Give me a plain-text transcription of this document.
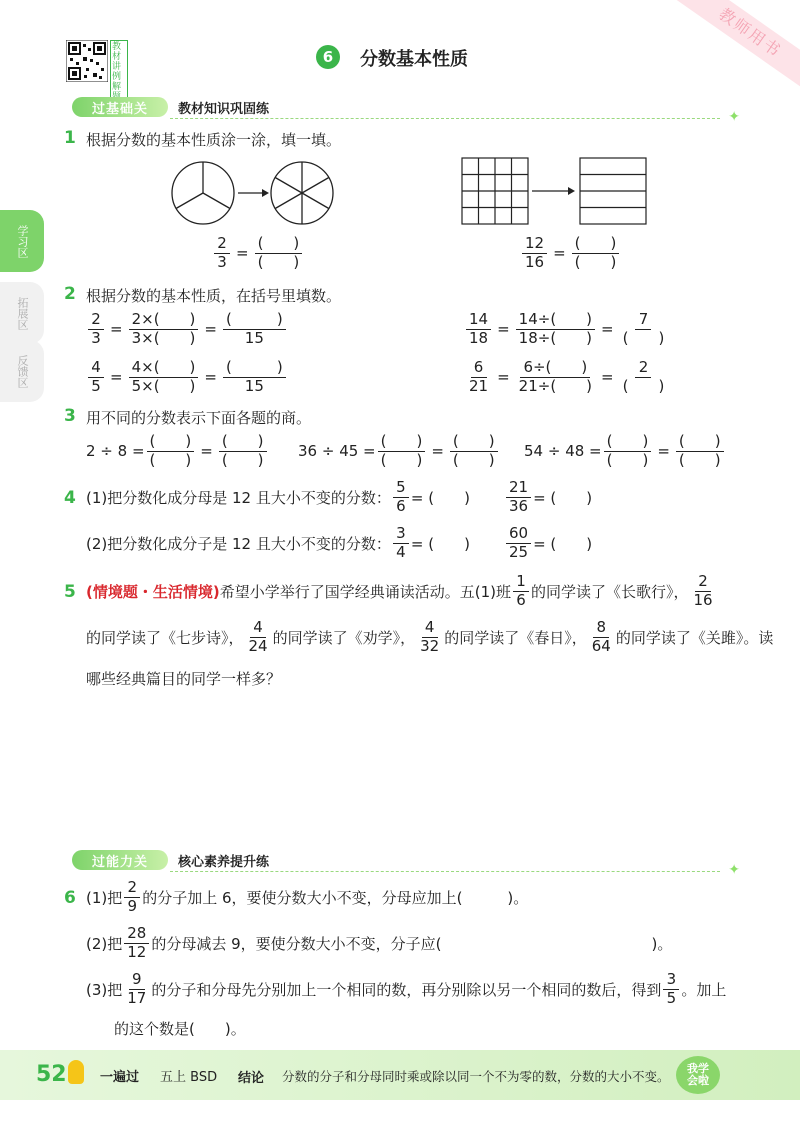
教师用书
教材讲例解
6	分数基本性质
学习区
拓展区
反馈区
过基础关	教材知识巩固练	✦
1 根据分数的基本性质涂一涂，填一填。
$\frac{2}{3} = \frac{( )}{( )}$	$\frac{12}{16} = \frac{( )}{( )}$
2 根据分数的基本性质，在括号里填数。
$\frac{2}{3} = \frac{2\times( )}{3\times( )} = \frac{( )}{15}$	$\frac{14}{18} = \frac{14\div( )}{18\div( )} = \frac{7}{( )}$
$\frac{4}{5} = \frac{4\times( )}{5\times( )} = \frac{( )}{15}$	$\frac{6}{21} = \frac{6\div( )}{21\div( )} = \frac{2}{( )}$
3 用不同的分数表示下面各题的商。
$2 \div 8 = \frac{( )}{( )} = \frac{( )}{( )} 36 \div 45 = \frac{( )}{( )} = \frac{( )}{( )} 54 \div 48 = \frac{( )}{( )} = \frac{( )}{( )}$
4 (1)把分数化成分母是 12 且大小不变的分数： $\frac{5}{6}$ = (　　) $\frac{21}{36}$ = (　　)
(2)把分数化成分子是 12 且大小不变的分数： $\frac{3}{4}$ = (　　) $\frac{60}{25}$ = (　　)
5 (情境题・生活情境) 希望小学举行了国学经典诵读活动。五(1)班 $\frac{1}{6}$ 的同学读了《长歌行》， $\frac{2}{16}$
的同学读了《七步诗》， $\frac{4}{24}$ 的同学读了《劝学》， $\frac{4}{32}$ 的同学读了《春日》， $\frac{8}{64}$ 的同学读了《关雎》。读
哪些经典篇目的同学一样多？
过能力关	核心素养提升练	✦
6 (1)把 $\frac{2}{9}$ 的分子加上 6，要使分数大小不变，分母应加上(　　　)。
(2)把 $\frac{28}{12}$ 的分母减去 9，要使分数大小不变，分子应(　　　　　　　　　　　　　　)。
(3)把 $\frac{9}{17}$ 的分子和分母先分别加上一个相同的数，再分别除以另一个相同的数后，得到 $\frac{3}{5}$ 。加上
的这个数是(　　)。
52	一遍过 五上 BSD 结论 分数的分子和分母同时乘或除以同一个不为零的数，分数的大小不变。
我学会啦
